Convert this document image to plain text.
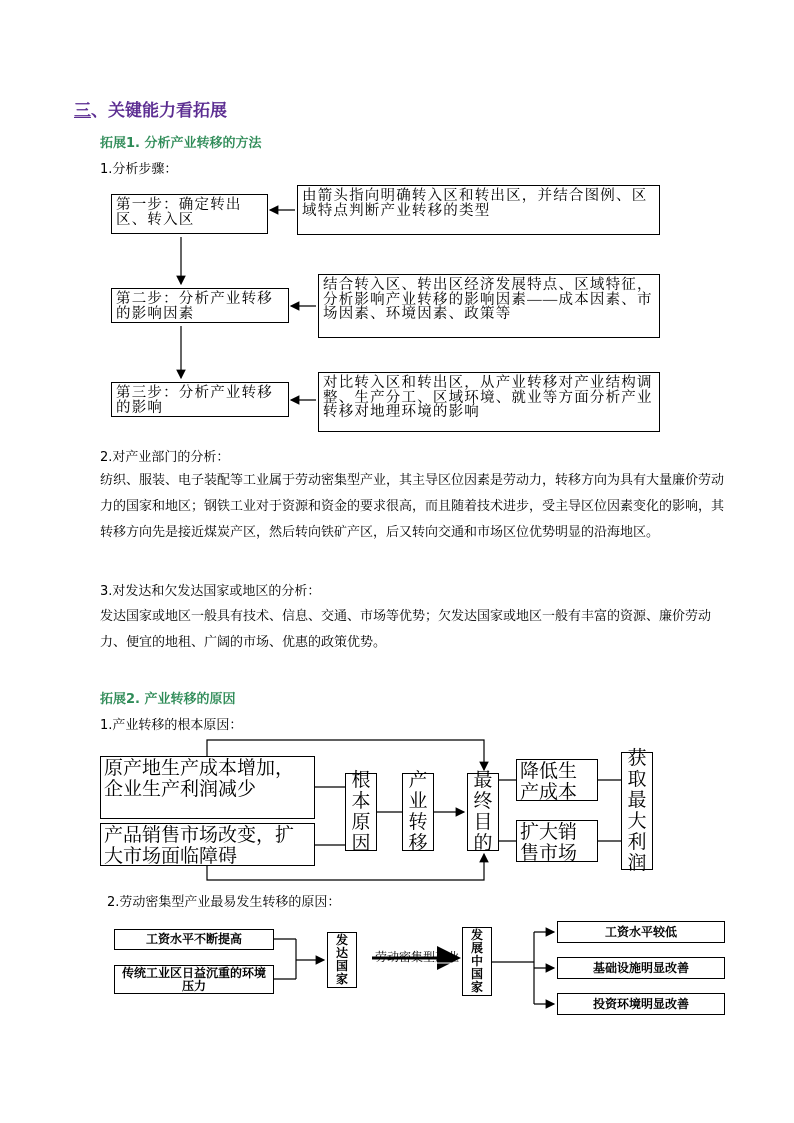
三、关键能力看拓展
拓展1. 分析产业转移的方法
1.分析步骤：
第一步：确定转出区、转入区
由箭头指向明确转入区和转出区，并结合图例、区域特点判断产业转移的类型
第二步：分析产业转移的影响因素
结合转入区、转出区经济发展特点、区域特征，分析影响产业转移的影响因素——成本因素、市场因素、环境因素、政策等
第三步：分析产业转移的影响
对比转入区和转出区，从产业转移对产业结构调整、生产分工、区域环境、就业等方面分析产业转移对地理环境的影响
2.对产业部门的分析：
纺织、服装、电子装配等工业属于劳动密集型产业，其主导区位因素是劳动力，转移方向为具有大量廉价劳动力的国家和地区；钢铁工业对于资源和资金的要求很高，而且随着技术进步，受主导区位因素变化的影响，其转移方向先是接近煤炭产区，然后转向铁矿产区，后又转向交通和市场区位优势明显的沿海地区。
3.对发达和欠发达国家或地区的分析：
发达国家或地区一般具有技术、信息、交通、市场等优势；欠发达国家或地区一般有丰富的资源、廉价劳动力、便宜的地租、广阔的市场、优惠的政策优势。
拓展2. 产业转移的原因
1.产业转移的根本原因：
原产地生产成本增加，企业生产利润减少
产品销售市场改变，扩大市场面临障碍
根本原因
产业转移
最终目的
降低生产成本
扩大销售市场
获取最大利润
2.劳动密集型产业最易发生转移的原因：
工资水平不断提高
传统工业区日益沉重的环境压力
发达国家
劳动密集型产业
发展中国家
工资水平较低
基础设施明显改善
投资环境明显改善
